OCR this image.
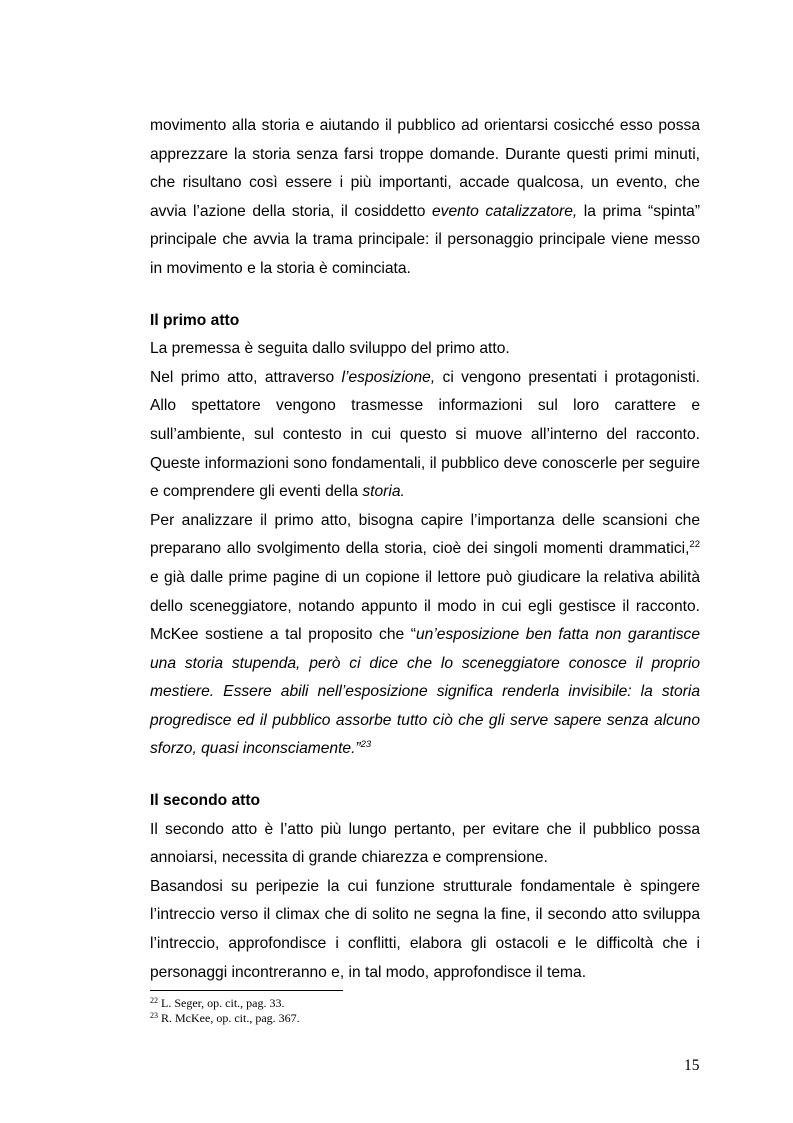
movimento alla storia e aiutando il pubblico ad orientarsi cosicché esso possa apprezzare la storia senza farsi troppe domande. Durante questi primi minuti, che risultano così essere i più importanti, accade qualcosa, un evento, che avvia l’azione della storia, il cosiddetto evento catalizzatore, la prima “spinta” principale che avvia la trama principale: il personaggio principale viene messo in movimento e la storia è cominciata.

Il primo atto

La premessa è seguita dallo sviluppo del primo atto.

Nel primo atto, attraverso l’esposizione, ci vengono presentati i protagonisti. Allo spettatore vengono trasmesse informazioni sul loro carattere e sull’ambiente, sul contesto in cui questo si muove all’interno del racconto. Queste informazioni sono fondamentali, il pubblico deve conoscerle per seguire e comprendere gli eventi della storia.

Per analizzare il primo atto, bisogna capire l’importanza delle scansioni che preparano allo svolgimento della storia, cioè dei singoli momenti drammatici,$^{22}$ e già dalle prime pagine di un copione il lettore può giudicare la relativa abilità dello sceneggiatore, notando appunto il modo in cui egli gestisce il racconto. McKee sostiene a tal proposito che “un’esposizione ben fatta non garantisce una storia stupenda, però ci dice che lo sceneggiatore conosce il proprio mestiere. Essere abili nell’esposizione significa renderla invisibile: la storia progredisce ed il pubblico assorbe tutto ciò che gli serve sapere senza alcuno sforzo, quasi inconsciamente.”$^{23}$

Il secondo atto

Il secondo atto è l’atto più lungo pertanto, per evitare che il pubblico possa annoiarsi, necessita di grande chiarezza e comprensione.

Basandosi su peripezie la cui funzione strutturale fondamentale è spingere l’intreccio verso il climax che di solito ne segna la fine, il secondo atto sviluppa l’intreccio, approfondisce i conflitti, elabora gli ostacoli e le difficoltà che i personaggi incontreranno e, in tal modo, approfondisce il tema.

$^{22}$ L. Seger, op. cit., pag. 33.
$^{23}$ R. McKee, op. cit., pag. 367.
15
